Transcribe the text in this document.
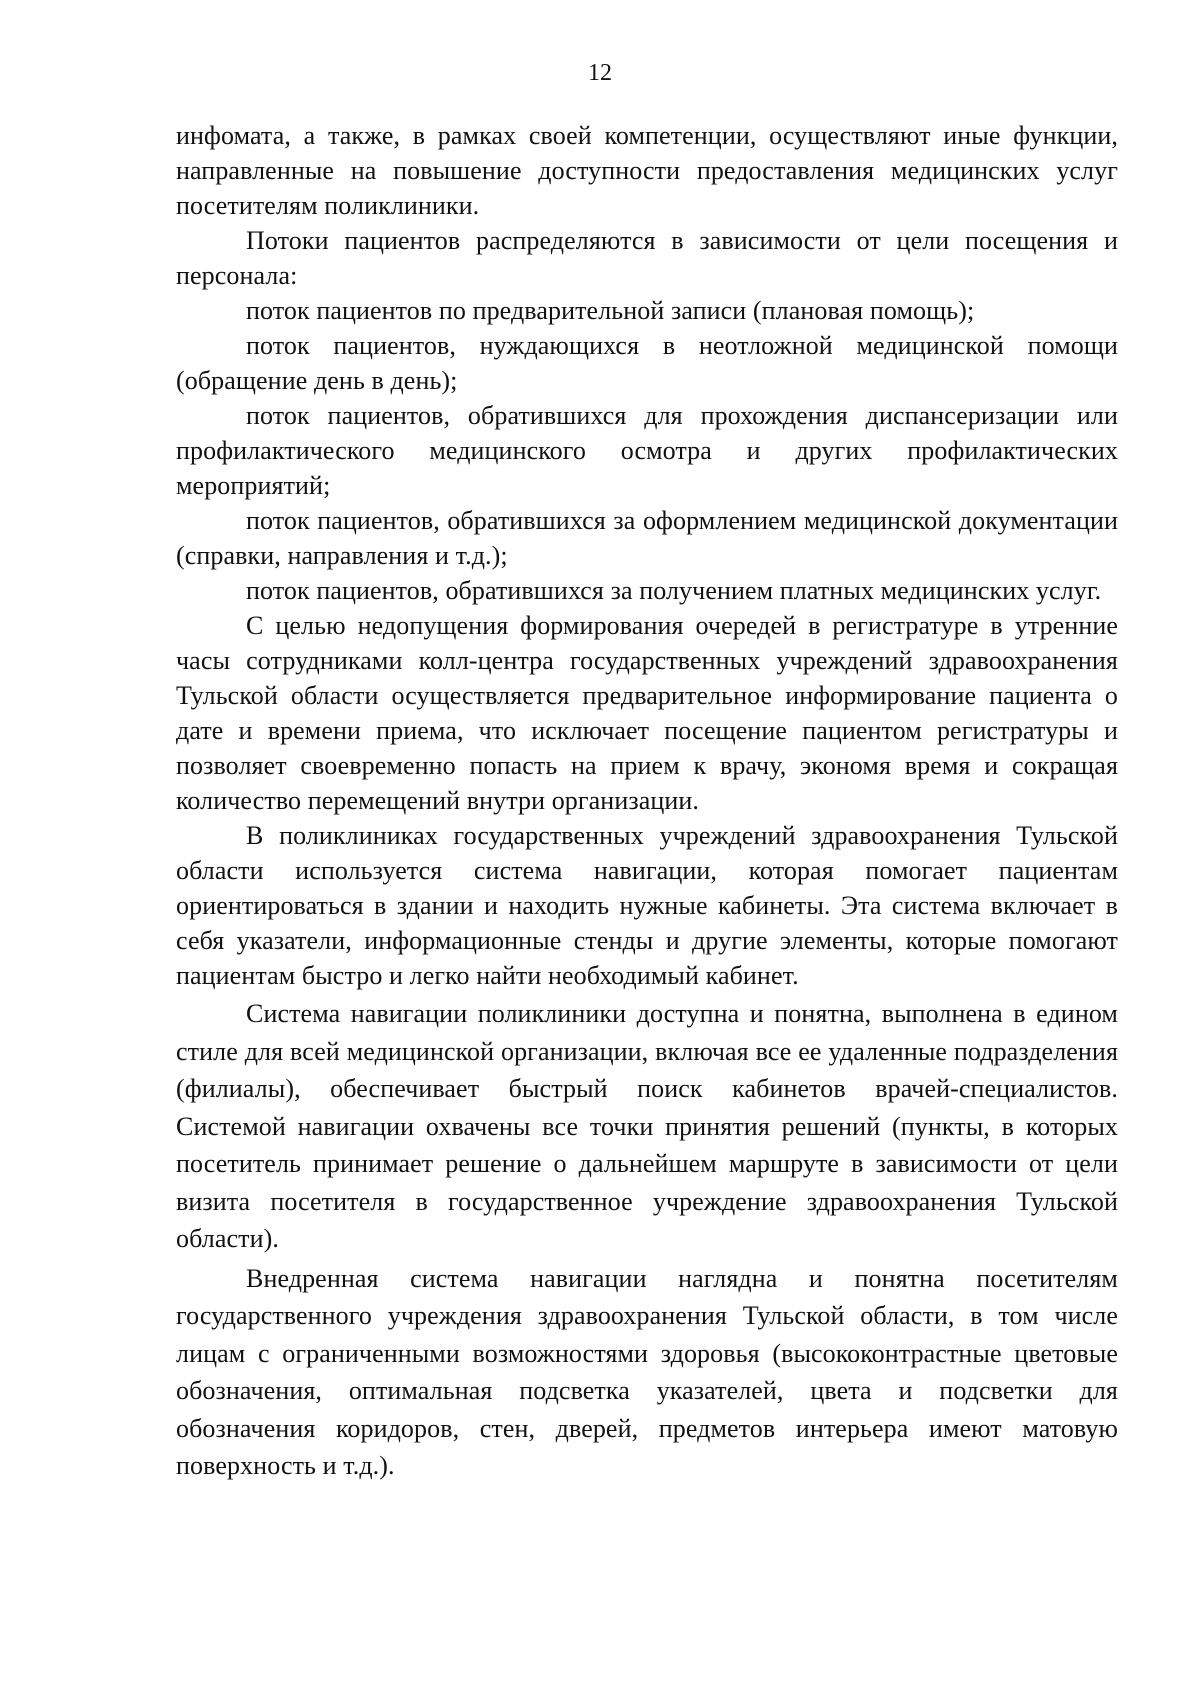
12

инфомата, а также, в рамках своей компетенции, осуществляют иные функции, направленные на повышение доступности предоставления медицинских услуг посетителям поликлиники.

Потоки пациентов распределяются в зависимости от цели посещения и персонала:

поток пациентов по предварительной записи (плановая помощь);

поток пациентов, нуждающихся в неотложной медицинской помощи (обращение день в день);

поток пациентов, обратившихся для прохождения диспансеризации или профилактического медицинского осмотра и других профилактических мероприятий;

поток пациентов, обратившихся за оформлением медицинской документации (справки, направления и т.д.);

поток пациентов, обратившихся за получением платных медицинских услуг.

С целью недопущения формирования очередей в регистратуре в утренние часы сотрудниками колл-центра государственных учреждений здравоохранения Тульской области осуществляется предварительное информирование пациента о дате и времени приема, что исключает посещение пациентом регистратуры и позволяет своевременно попасть на прием к врачу, экономя время и сокращая количество перемещений внутри организации.

В поликлиниках государственных учреждений здравоохранения Тульской области используется система навигации, которая помогает пациентам ориентироваться в здании и находить нужные кабинеты. Эта система включает в себя указатели, информационные стенды и другие элементы, которые помогают пациентам быстро и легко найти необходимый кабинет.

Система навигации поликлиники доступна и понятна, выполнена в едином стиле для всей медицинской организации, включая все ее удаленные подразделения (филиалы), обеспечивает быстрый поиск кабинетов врачей-специалистов. Системой навигации охвачены все точки принятия решений (пункты, в которых посетитель принимает решение о дальнейшем маршруте в зависимости от цели визита посетителя в государственное учреждение здравоохранения Тульской области).

Внедренная система навигации наглядна и понятна посетителям государственного учреждения здравоохранения Тульской области, в том числе лицам с ограниченными возможностями здоровья (высококонтрастные цветовые обозначения, оптимальная подсветка указателей, цвета и подсветки для обозначения коридоров, стен, дверей, предметов интерьера имеют матовую поверхность и т.д.).
